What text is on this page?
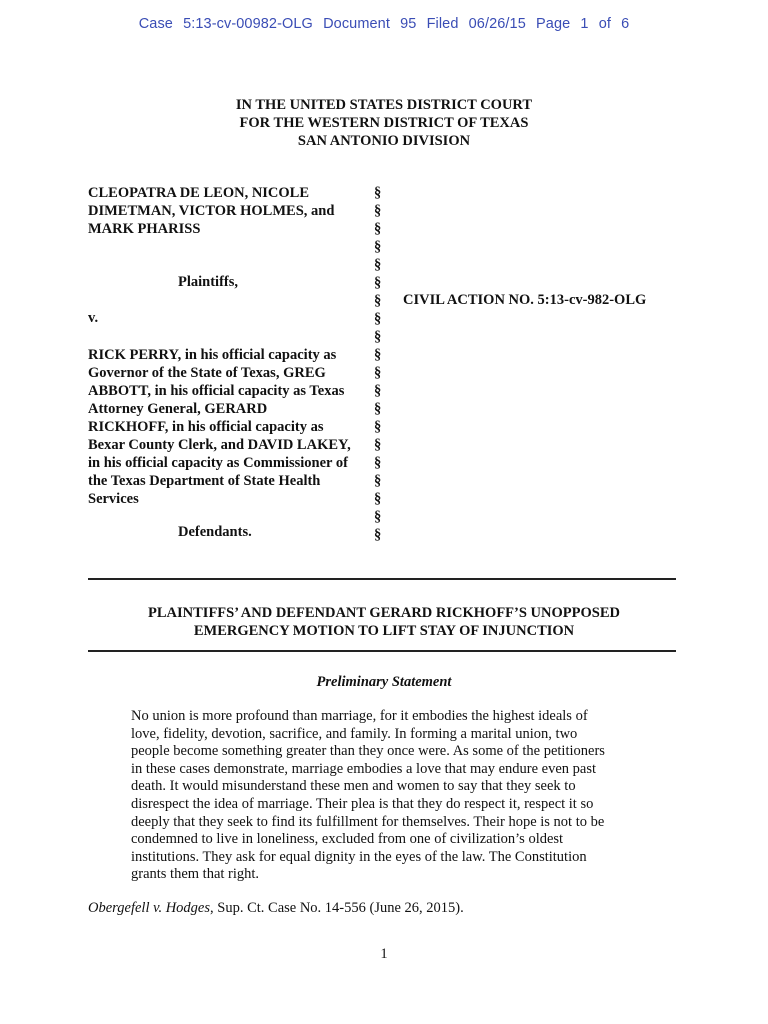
Case 5:13-cv-00982-OLG Document 95 Filed 06/26/15 Page 1 of 6
IN THE UNITED STATES DISTRICT COURT
FOR THE WESTERN DISTRICT OF TEXAS
SAN ANTONIO DIVISION
CLEOPATRA DE LEON, NICOLE
DIMETMAN, VICTOR HOLMES, and
MARK PHARISS
Plaintiffs,
v.
RICK PERRY, in his official capacity as
Governor of the State of Texas, GREG
ABBOTT, in his official capacity as Texas
Attorney General, GERARD
RICKHOFF, in his official capacity as
Bexar County Clerk, and DAVID LAKEY,
in his official capacity as Commissioner of
the Texas Department of State Health
Services
Defendants.
§
§
§
§
§
§
§
§
§
§
§
§
§
§
§
§
§
§
§
§
CIVIL ACTION NO. 5:13-cv-982-OLG
PLAINTIFFS’ AND DEFENDANT GERARD RICKHOFF’S UNOPPOSED
EMERGENCY MOTION TO LIFT STAY OF INJUNCTION
Preliminary Statement
No union is more profound than marriage, for it embodies the highest ideals of
love, fidelity, devotion, sacrifice, and family. In forming a marital union, two
people become something greater than they once were. As some of the petitioners
in these cases demonstrate, marriage embodies a love that may endure even past
death. It would misunderstand these men and women to say that they seek to
disrespect the idea of marriage. Their plea is that they do respect it, respect it so
deeply that they seek to find its fulfillment for themselves. Their hope is not to be
condemned to live in loneliness, excluded from one of civilization’s oldest
institutions. They ask for equal dignity in the eyes of the law. The Constitution
grants them that right.
Obergefell v. Hodges, Sup. Ct. Case No. 14-556 (June 26, 2015).
1
